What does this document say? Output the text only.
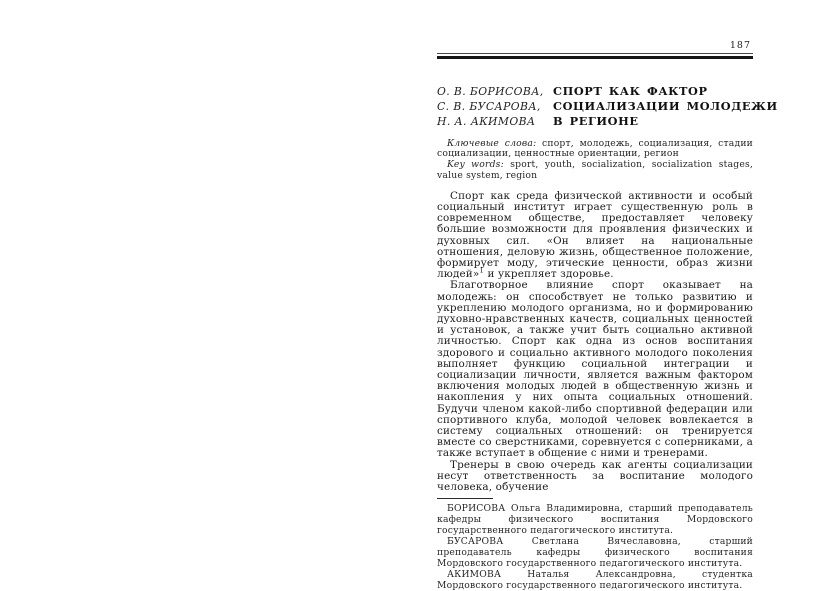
187
О. В. БОРИСОВА,
С. В. БУСАРОВА,
Н. А. АКИМОВА
СПОРТ КАК ФАКТОР
СОЦИАЛИЗАЦИИ МОЛОДЕЖИ
В РЕГИОНЕ

Ключевые слова: спорт, молодежь, социализация, стадии социализации, ценностные ориентации, регион

Key words: sport, youth, socialization, socialization stages, value system, region

Спорт как среда физической активности и особый социальный институт играет существенную роль в современном обществе, предоставляет человеку большие возможности для проявления физических и духовных сил. «Он влияет на национальные отношения, деловую жизнь, общественное положение, формирует моду, этические ценности, образ жизни людей»$^1$ и укрепляет здоровье.

Благотворное влияние спорт оказывает на молодежь: он способствует не только развитию и укреплению молодого организма, но и формированию духовно-нравственных качеств, социальных ценностей и установок, а также учит быть социально активной личностью. Спорт как одна из основ воспитания здорового и социально активного молодого поколения выполняет функцию социальной интеграции и социализации личности, является важным фактором включения молодых людей в общественную жизнь и накопления у них опыта социальных отношений. Будучи членом какой-либо спортивной федерации или спортивного клуба, молодой человек вовлекается в систему социальных отношений: он тренируется вместе со сверстниками, соревнуется с соперниками, а также вступает в общение с ними и тренерами.

Тренеры в свою очередь как агенты социализации несут ответственность за воспитание молодого человека, обучение

БОРИСОВА Ольга Владимировна, старший преподаватель кафедры физического воспитания Мордовского государственного педагогического института.

БУСАРОВА Светлана Вячеславовна, старший преподаватель кафедры физического воспитания Мордовского государственного педагогического института.

АКИМОВА Наталья Александровна, студентка Мордовского государственного педагогического института.
